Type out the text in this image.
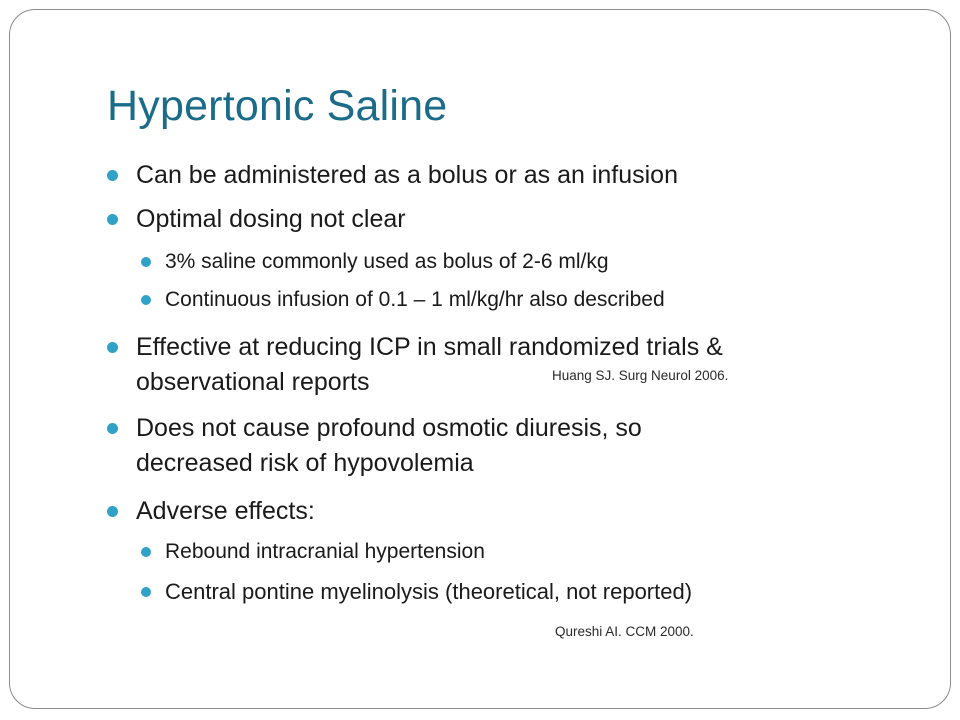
Hypertonic Saline
Can be administered as a bolus or as an infusion
Optimal dosing not clear
3% saline commonly used as bolus of 2-6 ml/kg
Continuous infusion of 0.1 – 1 ml/kg/hr also described
Effective at reducing ICP in small randomized trials &
observational reports	Huang SJ. Surg Neurol 2006.
Does not cause profound osmotic diuresis, so
decreased risk of hypovolemia
Adverse effects:
Rebound intracranial hypertension
Central pontine myelinolysis (theoretical, not reported)
Qureshi AI. CCM 2000.
